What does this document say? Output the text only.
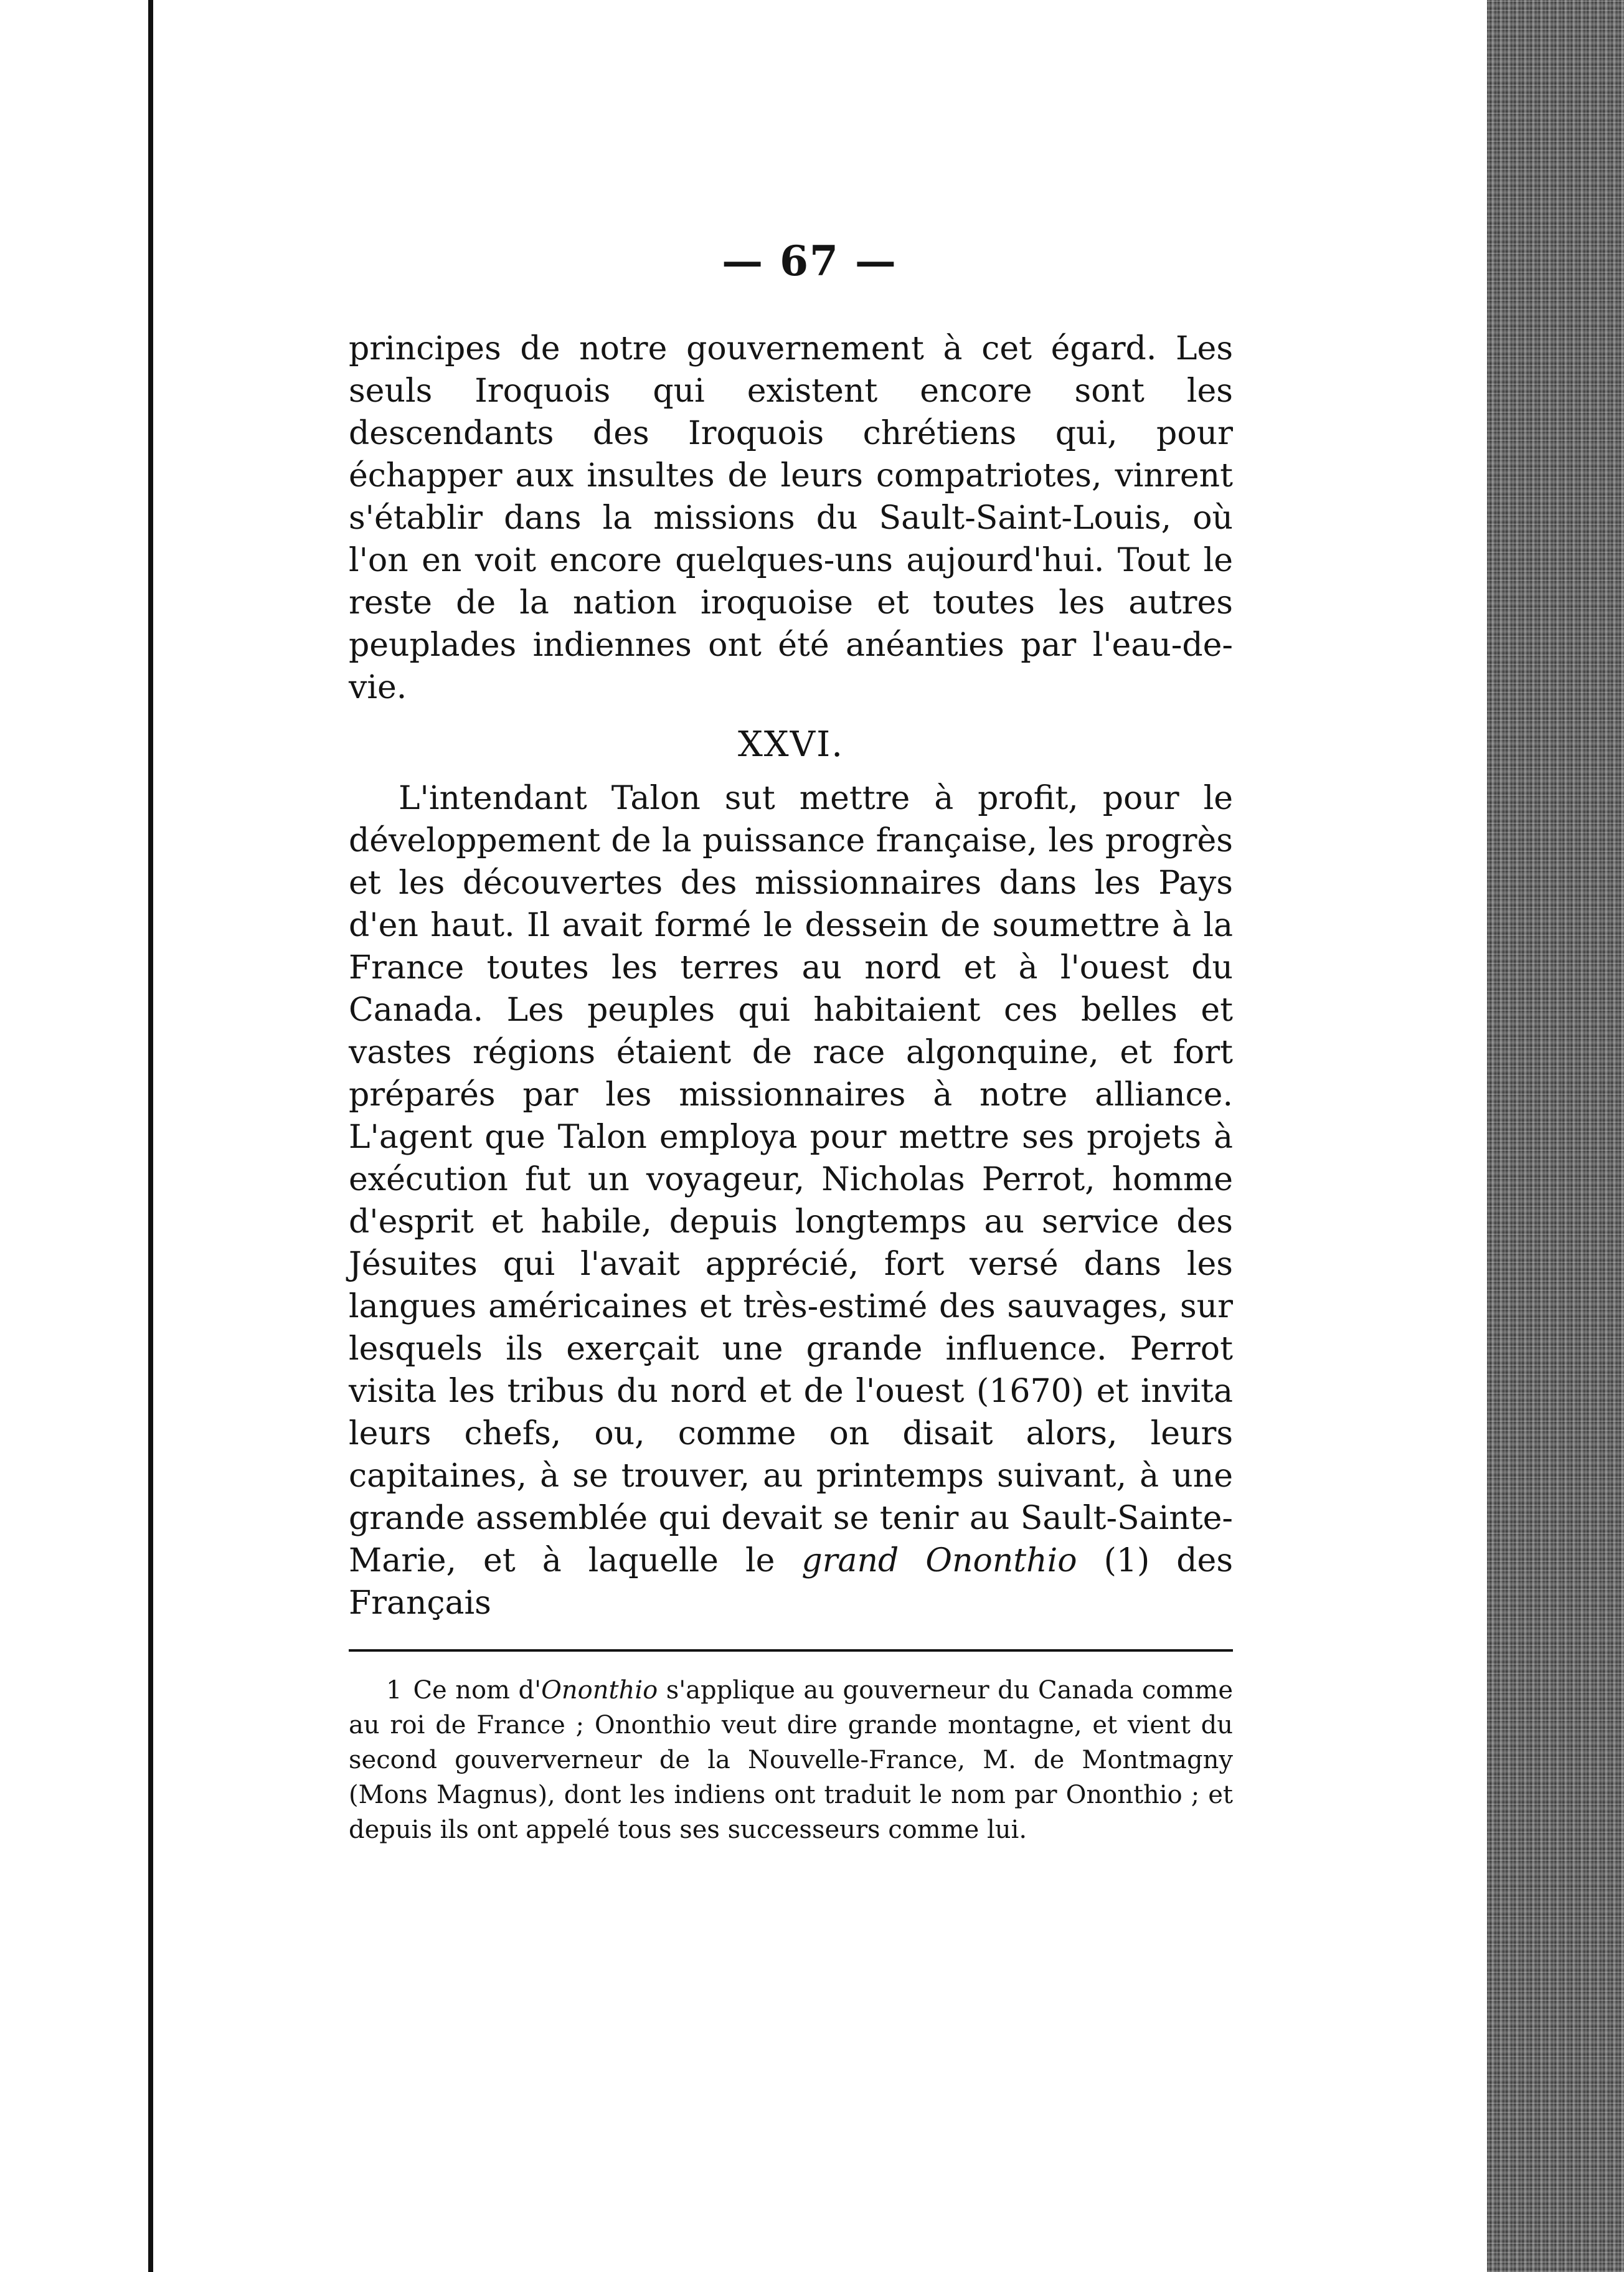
— 67 —

principes de notre gouvernement à cet égard. Les seuls Iroquois qui existent encore sont les descendants des Iroquois chrétiens qui, pour échapper aux insultes de leurs compatriotes, vinrent s'établir dans la missions du Sault-Saint-Louis, où l'on en voit encore quelques-uns aujourd'hui. Tout le reste de la nation iroquoise et toutes les autres peuplades indiennes ont été anéanties par l'eau-de-vie.

XXVI.

L'intendant Talon sut mettre à profit, pour le développement de la puissance française, les progrès et les découvertes des missionnaires dans les Pays d'en haut. Il avait formé le dessein de soumettre à la France toutes les terres au nord et à l'ouest du Canada. Les peuples qui habitaient ces belles et vastes régions étaient de race algonquine, et fort préparés par les missionnaires à notre alliance. L'agent que Talon employa pour mettre ses projets à exécution fut un voyageur, Nicholas Perrot, homme d'esprit et habile, depuis longtemps au service des Jésuites qui l'avait apprécié, fort versé dans les langues américaines et très-estimé des sauvages, sur lesquels ils exerçait une grande influence. Perrot visita les tribus du nord et de l'ouest (1670) et invita leurs chefs, ou, comme on disait alors, leurs capitaines, à se trouver, au printemps suivant, à une grande assemblée qui devait se tenir au Sault-Sainte-Marie, et à laquelle le grand Ononthio (1) des Français

1 Ce nom d'Ononthio s'applique au gouverneur du Canada comme au roi de France ; Ononthio veut dire grande montagne, et vient du second gouververneur de la Nouvelle-France, M. de Montmagny (Mons Magnus), dont les indiens ont traduit le nom par Ononthio ; et depuis ils ont appelé tous ses successeurs comme lui.
